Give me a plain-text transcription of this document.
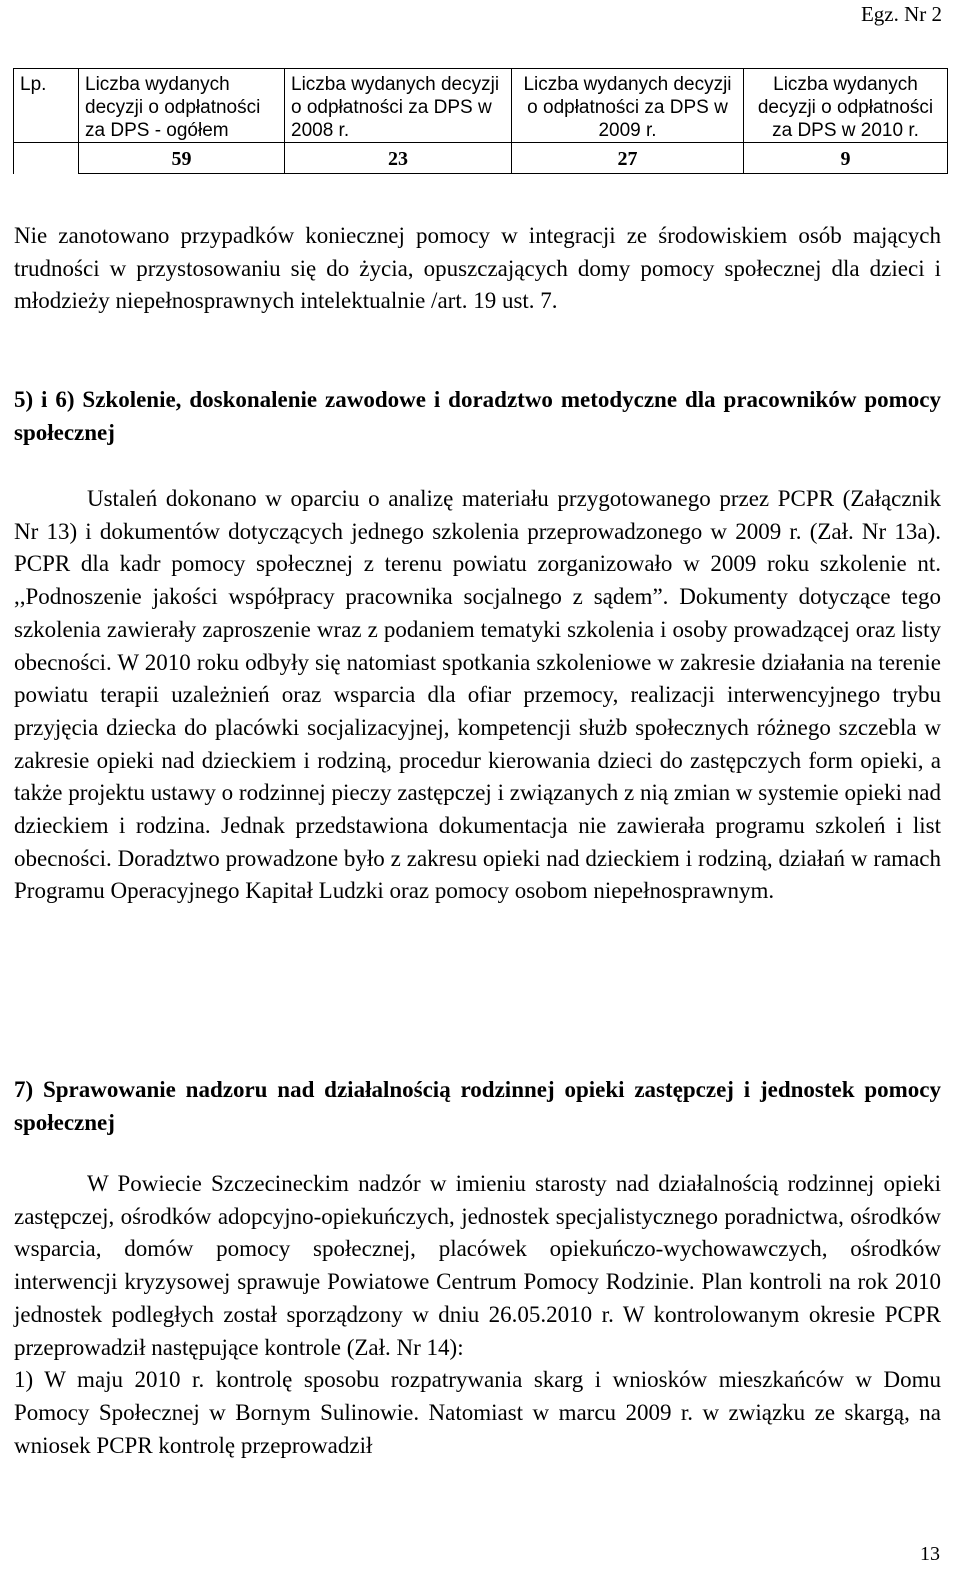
Egz. Nr 2
Lp.	Liczba wydanych decyzji o odpłatności za DPS - ogółem	Liczba wydanych decyzji o odpłatności za DPS w 2008 r.	Liczba wydanych decyzji o odpłatności za DPS w 2009 r.	Liczba wydanych decyzji o odpłatności za DPS w 2010 r.
	59	23	27	9

Nie zanotowano przypadków koniecznej pomocy w integracji ze środowiskiem osób mających trudności w przystosowaniu się do życia, opuszczających domy pomocy społecznej dla dzieci i młodzieży niepełnosprawnych intelektualnie /art. 19 ust. 7.

5) i 6) Szkolenie, doskonalenie zawodowe i doradztwo metodyczne dla pracowników pomocy społecznej

Ustaleń dokonano w oparciu o analizę materiału przygotowanego przez PCPR (Załącznik Nr 13) i dokumentów dotyczących jednego szkolenia przeprowadzonego w 2009 r. (Zał. Nr 13a). PCPR dla kadr pomocy społecznej z terenu powiatu zorganizowało w 2009 roku szkolenie nt. ,,Podnoszenie jakości współpracy pracownika socjalnego z sądem”. Dokumenty dotyczące tego szkolenia zawierały zaproszenie wraz z podaniem tematyki szkolenia i osoby prowadzącej oraz listy obecności. W 2010 roku odbyły się natomiast spotkania szkoleniowe w zakresie działania na terenie powiatu terapii uzależnień oraz wsparcia dla ofiar przemocy, realizacji interwencyjnego trybu przyjęcia dziecka do placówki socjalizacyjnej, kompetencji służb społecznych różnego szczebla w zakresie opieki nad dzieckiem i rodziną, procedur kierowania dzieci do zastępczych form opieki, a także projektu ustawy o rodzinnej pieczy zastępczej i związanych z nią zmian w systemie opieki nad dzieckiem i rodzina. Jednak przedstawiona dokumentacja nie zawierała programu szkoleń i list obecności. Doradztwo prowadzone było z zakresu opieki nad dzieckiem i rodziną, działań w ramach Programu Operacyjnego Kapitał Ludzki oraz pomocy osobom niepełnosprawnym.

7) Sprawowanie nadzoru nad działalnością rodzinnej opieki zastępczej i jednostek pomocy społecznej

W Powiecie Szczecineckim nadzór w imieniu starosty nad działalnością rodzinnej opieki zastępczej, ośrodków adopcyjno-opiekuńczych, jednostek specjalistycznego poradnictwa, ośrodków wsparcia, domów pomocy społecznej, placówek opiekuńczo-wychowawczych, ośrodków interwencji kryzysowej sprawuje Powiatowe Centrum Pomocy Rodzinie. Plan kontroli na rok 2010 jednostek podległych został sporządzony w dniu 26.05.2010 r. W kontrolowanym okresie PCPR przeprowadził następujące kontrole (Zał. Nr 14):

1) W maju 2010 r. kontrolę sposobu rozpatrywania skarg i wniosków mieszkańców w Domu Pomocy Społecznej w Bornym Sulinowie. Natomiast w marcu 2009 r. w związku ze skargą, na wniosek PCPR kontrolę przeprowadził

13
